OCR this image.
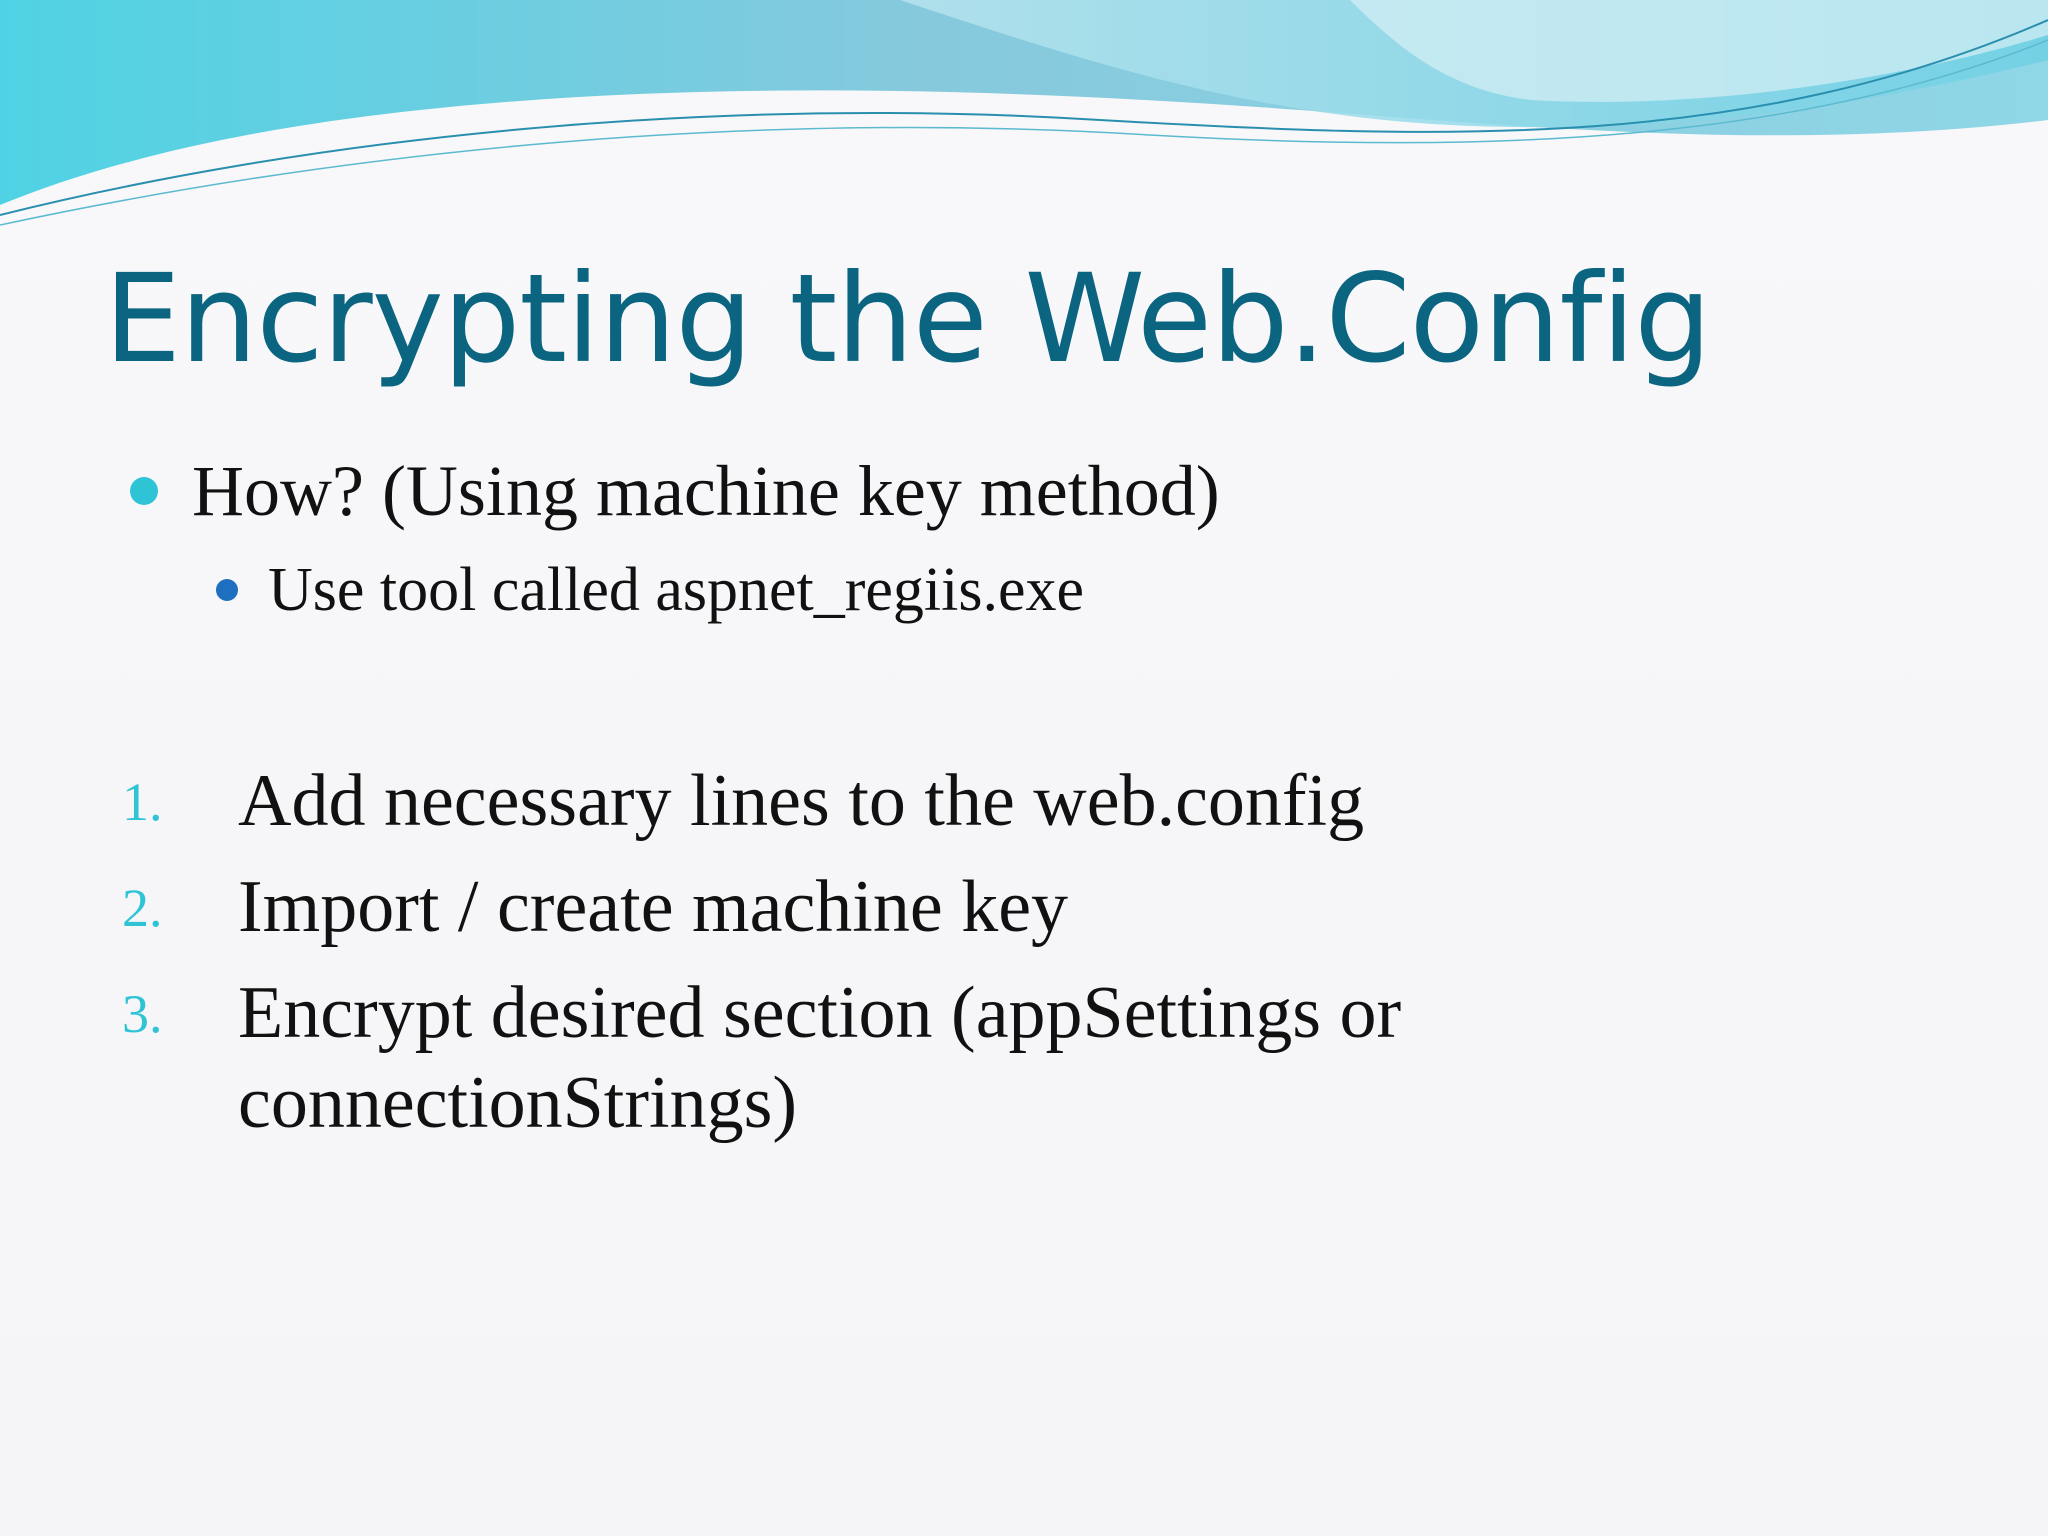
Encrypting the Web.Config
How? (Using machine key method)
Use tool called aspnet_regiis.exe
1.	Add necessary lines to the web.config
2.	Import / create machine key
3.	Encrypt desired section (appSettings or connectionStrings)
